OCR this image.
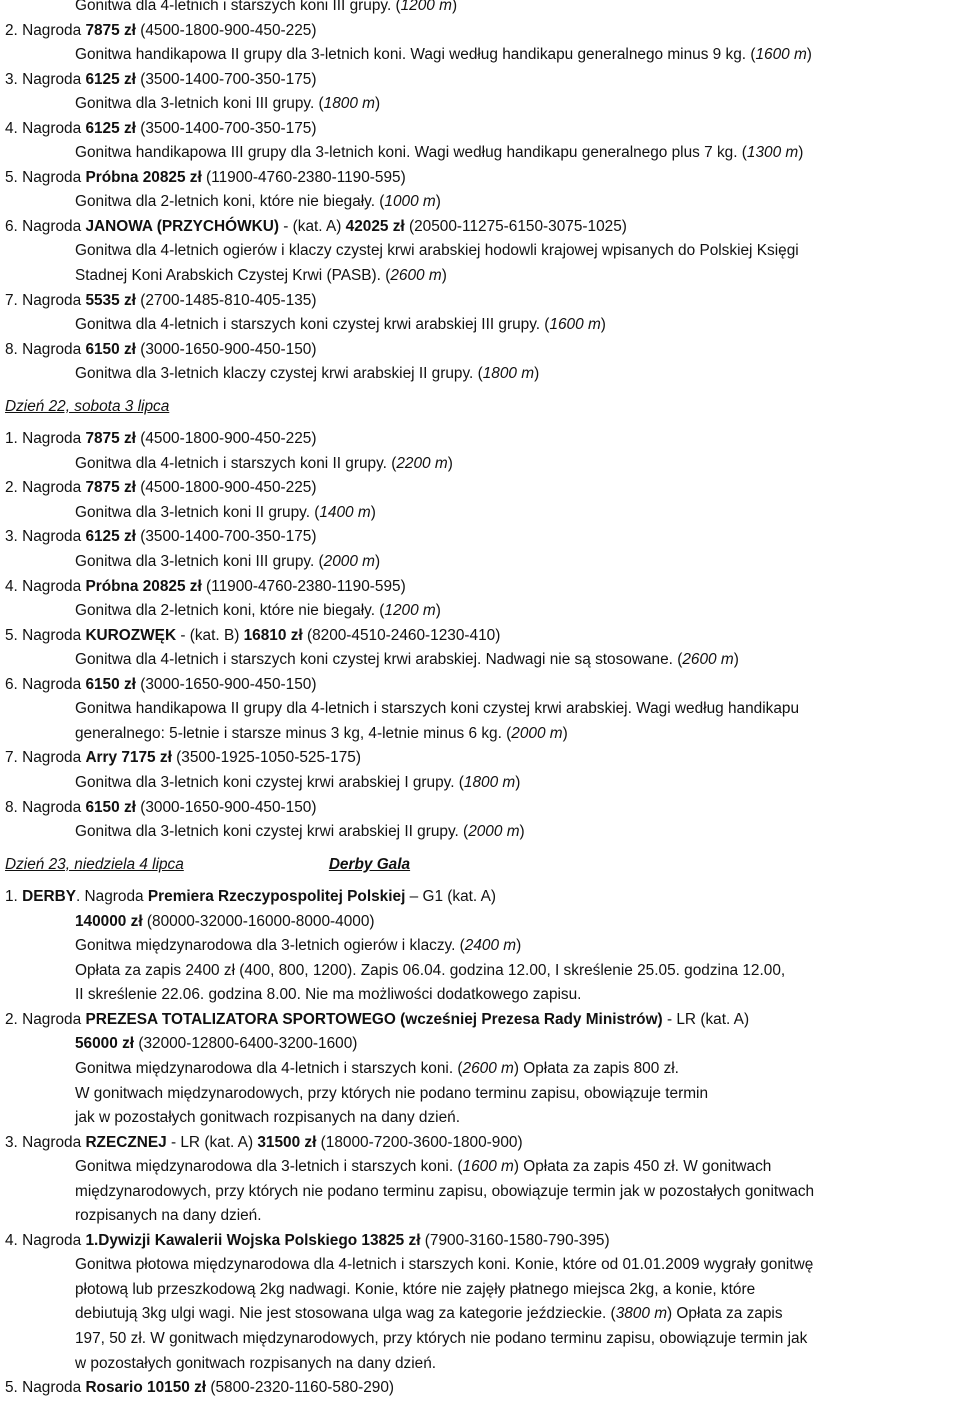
Gonitwa dla 4-letnich i starszych koni III grupy. (1200 m)
2. Nagroda 7875 zł (4500-1800-900-450-225)
Gonitwa handikapowa II grupy dla 3-letnich koni. Wagi według handikapu generalnego minus 9 kg. (1600 m)
3. Nagroda 6125 zł (3500-1400-700-350-175)
Gonitwa dla 3-letnich koni III grupy. (1800 m)
4. Nagroda 6125 zł (3500-1400-700-350-175)
Gonitwa handikapowa III grupy dla 3-letnich koni. Wagi według handikapu generalnego plus 7 kg. (1300 m)
5. Nagroda Próbna 20825 zł (11900-4760-2380-1190-595)
Gonitwa dla 2-letnich koni, które nie biegały. (1000 m)
6. Nagroda JANOWA (PRZYCHÓWKU) - (kat. A) 42025 zł (20500-11275-6150-3075-1025)
Gonitwa dla 4-letnich ogierów i klaczy czystej krwi arabskiej hodowli krajowej wpisanych do Polskiej Księgi
Stadnej Koni Arabskich Czystej Krwi (PASB). (2600 m)
7. Nagroda 5535 zł (2700-1485-810-405-135)
Gonitwa dla 4-letnich i starszych koni czystej krwi arabskiej III grupy. (1600 m)
8. Nagroda 6150 zł (3000-1650-900-450-150)
Gonitwa dla 3-letnich klaczy czystej krwi arabskiej II grupy. (1800 m)
Dzień 22, sobota 3 lipca
1. Nagroda 7875 zł (4500-1800-900-450-225)
Gonitwa dla 4-letnich i starszych koni II grupy. (2200 m)
2. Nagroda 7875 zł (4500-1800-900-450-225)
Gonitwa dla 3-letnich koni II grupy. (1400 m)
3. Nagroda 6125 zł (3500-1400-700-350-175)
Gonitwa dla 3-letnich koni III grupy. (2000 m)
4. Nagroda Próbna 20825 zł (11900-4760-2380-1190-595)
Gonitwa dla 2-letnich koni, które nie biegały. (1200 m)
5. Nagroda KUROZWĘK - (kat. B) 16810 zł (8200-4510-2460-1230-410)
Gonitwa dla 4-letnich i starszych koni czystej krwi arabskiej. Nadwagi nie są stosowane. (2600 m)
6. Nagroda 6150 zł (3000-1650-900-450-150)
Gonitwa handikapowa II grupy dla 4-letnich i starszych koni czystej krwi arabskiej. Wagi według handikapu
generalnego: 5-letnie i starsze minus 3 kg, 4-letnie minus 6 kg. (2000 m)
7. Nagroda Arry 7175 zł (3500-1925-1050-525-175)
Gonitwa dla 3-letnich koni czystej krwi arabskiej I grupy. (1800 m)
8. Nagroda 6150 zł (3000-1650-900-450-150)
Gonitwa dla 3-letnich koni czystej krwi arabskiej II grupy. (2000 m)
Dzień 23, niedziela 4 lipca	Derby Gala
1. DERBY. Nagroda Premiera Rzeczypospolitej Polskiej – G1 (kat. A)
140000 zł (80000-32000-16000-8000-4000)
Gonitwa międzynarodowa dla 3-letnich ogierów i klaczy. (2400 m)
Opłata za zapis 2400 zł (400, 800, 1200). Zapis 06.04. godzina 12.00, I skreślenie 25.05. godzina 12.00,
II skreślenie 22.06. godzina 8.00. Nie ma możliwości dodatkowego zapisu.
2. Nagroda PREZESA TOTALIZATORA SPORTOWEGO (wcześniej Prezesa Rady Ministrów) - LR (kat. A)
56000 zł (32000-12800-6400-3200-1600)
Gonitwa międzynarodowa dla 4-letnich i starszych koni. (2600 m) Opłata za zapis 800 zł.
W gonitwach międzynarodowych, przy których nie podano terminu zapisu, obowiązuje termin
jak w pozostałych gonitwach rozpisanych na dany dzień.
3. Nagroda RZECZNEJ - LR (kat. A) 31500 zł (18000-7200-3600-1800-900)
Gonitwa międzynarodowa dla 3-letnich i starszych koni. (1600 m) Opłata za zapis 450 zł. W gonitwach
międzynarodowych, przy których nie podano terminu zapisu, obowiązuje termin jak w pozostałych gonitwach
rozpisanych na dany dzień.
4. Nagroda 1.Dywizji Kawalerii Wojska Polskiego 13825 zł (7900-3160-1580-790-395)
Gonitwa płotowa międzynarodowa dla 4-letnich i starszych koni. Konie, które od 01.01.2009 wygrały gonitwę
płotową lub przeszkodową 2kg nadwagi. Konie, które nie zajęły płatnego miejsca 2kg, a konie, które
debiutują 3kg ulgi wagi. Nie jest stosowana ulga wag za kategorie jeździeckie. (3800 m) Opłata za zapis
197, 50 zł. W gonitwach międzynarodowych, przy których nie podano terminu zapisu, obowiązuje termin jak
w pozostałych gonitwach rozpisanych na dany dzień.
5. Nagroda Rosario 10150 zł (5800-2320-1160-580-290)
